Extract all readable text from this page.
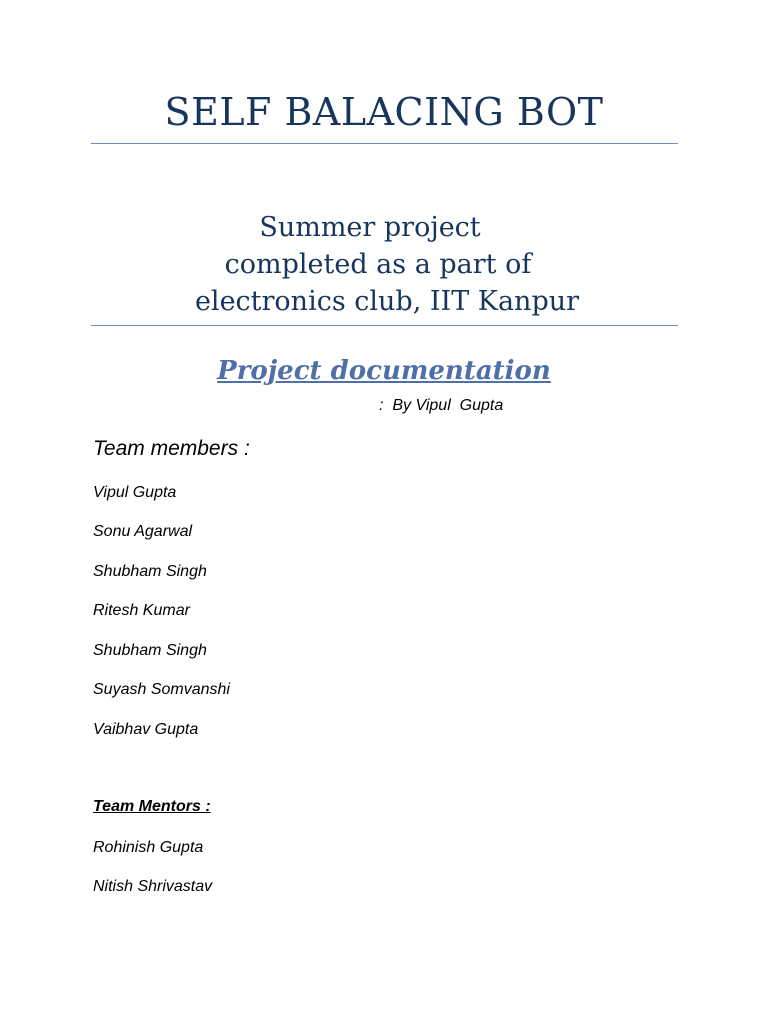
SELF BALACING BOT
Summer project
completed as a part of
electronics club, IIT Kanpur
Project documentation
:  By Vipul  Gupta
Team members :
Vipul Gupta
Sonu Agarwal
Shubham Singh
Ritesh Kumar
Shubham Singh
Suyash Somvanshi
Vaibhav Gupta
Team Mentors :
Rohinish Gupta
Nitish Shrivastav
